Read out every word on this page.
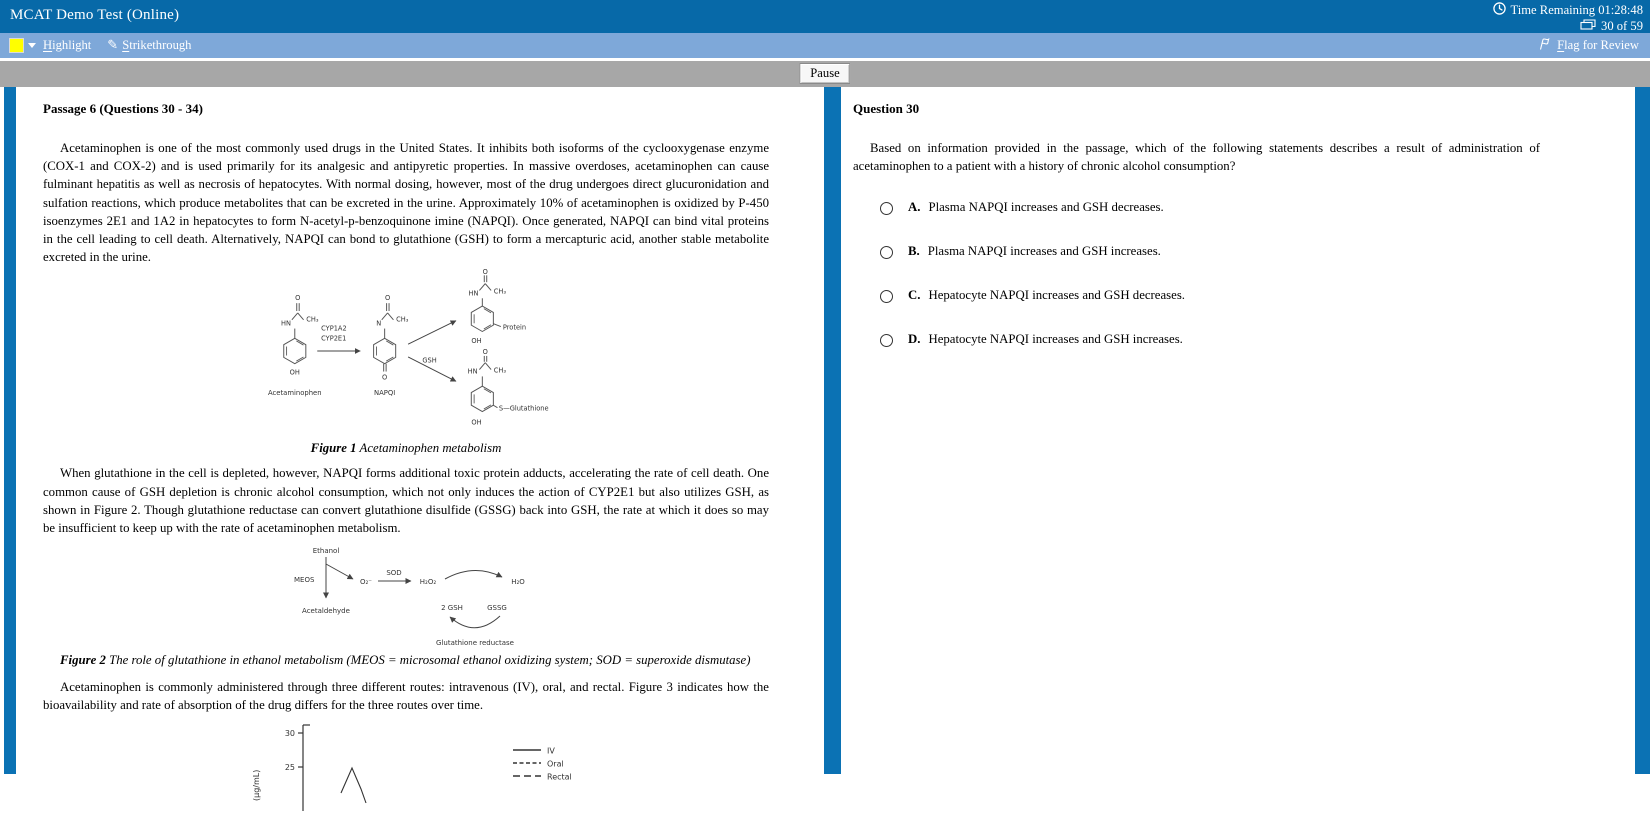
MCAT Demo Test (Online)	Time Remaining 01:28:48
30 of 59
Highlight ✎ Strikethrough	Flag for Review
Pause
Passage 6 (Questions 30 - 34)

Acetaminophen is one of the most commonly used drugs in the United States. It inhibits both isoforms of the cyclooxygenase enzyme (COX-1 and COX-2) and is used primarily for its analgesic and antipyretic properties. In massive overdoses, acetaminophen can cause fulminant hepatitis as well as necrosis of hepatocytes. With normal dosing, however, most of the drug undergoes direct glucuronidation and sulfation reactions, which produce metabolites that can be excreted in the urine. Approximately 10% of acetaminophen is oxidized by P-450 isoenzymes 2E1 and 1A2 in hepatocytes to form N-acetyl-p-benzoquinone imine (NAPQI). Once generated, NAPQI can bind vital proteins in the cell leading to cell death. Alternatively, NAPQI can bond to glutathione (GSH) to form a mercapturic acid, another stable metabolite excreted in the urine.

HN
O
CH₃
OH
Acetaminophen
CYP1A2
CYP2E1
N
O
CH₃
O
NAPQI
GSH
HN
O
CH₃
Protein
OH
O
HN CH₃
S—Glutathione
OH

Figure 1 Acetaminophen metabolism

When glutathione in the cell is depleted, however, NAPQI forms additional toxic protein adducts, accelerating the rate of cell death. One common cause of GSH depletion is chronic alcohol consumption, which not only induces the action of CYP2E1 but also utilizes GSH, as shown in Figure 2. Though glutathione reductase can convert glutathione disulfide (GSSG) back into GSH, the rate at which it does so may be insufficient to keep up with the rate of acetaminophen metabolism.

Ethanol
Acetaldehyde
MEOS	O₂⁻
SOD
H₂O₂	H₂O
2 GSH	GSSG
Glutathione reductase

Figure 2 The role of glutathione in ethanol metabolism (MEOS = microsomal ethanol oxidizing system; SOD = superoxide dismutase)

Acetaminophen is commonly administered through three different routes: intravenous (IV), oral, and rectal. Figure 3 indicates how the bioavailability and rate of absorption of the drug differs for the three routes over time.

30
25
(µg/mL)
IV
Oral
Rectal
Question 30

Based on information provided in the passage, which of the following statements describes a result of administration of acetaminophen to a patient with a history of chronic alcohol consumption?

A. Plasma NAPQI increases and GSH decreases.
B. Plasma NAPQI increases and GSH increases.
C. Hepatocyte NAPQI increases and GSH decreases.
D. Hepatocyte NAPQI increases and GSH increases.
